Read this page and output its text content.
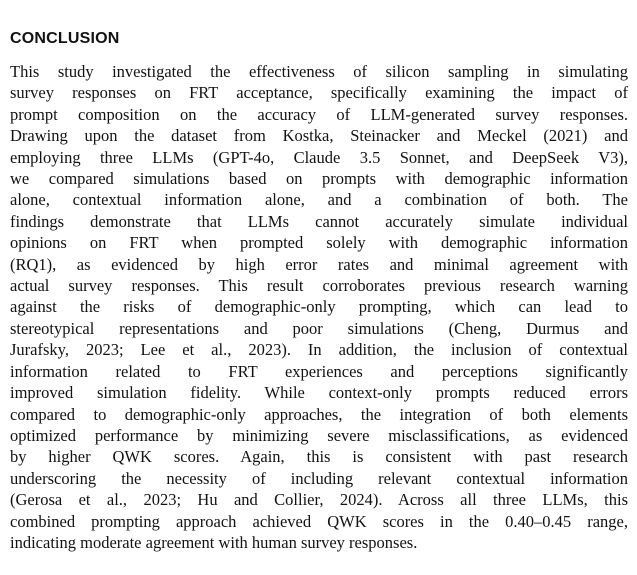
CONCLUSION
This study investigated the effectiveness of silicon sampling in simulating
survey responses on FRT acceptance, specifically examining the impact of
prompt composition on the accuracy of LLM-generated survey responses.
Drawing upon the dataset from Kostka, Steinacker and Meckel (2021) and
employing three LLMs (GPT-4o, Claude 3.5 Sonnet, and DeepSeek V3),
we compared simulations based on prompts with demographic information
alone, contextual information alone, and a combination of both. The
findings demonstrate that LLMs cannot accurately simulate individual
opinions on FRT when prompted solely with demographic information
(RQ1), as evidenced by high error rates and minimal agreement with
actual survey responses. This result corroborates previous research warning
against the risks of demographic-only prompting, which can lead to
stereotypical representations and poor simulations (Cheng, Durmus and
Jurafsky, 2023; Lee et al., 2023). In addition, the inclusion of contextual
information related to FRT experiences and perceptions significantly
improved simulation fidelity. While context-only prompts reduced errors
compared to demographic-only approaches, the integration of both elements
optimized performance by minimizing severe misclassifications, as evidenced
by higher QWK scores. Again, this is consistent with past research
underscoring the necessity of including relevant contextual information
(Gerosa et al., 2023; Hu and Collier, 2024). Across all three LLMs, this
combined prompting approach achieved QWK scores in the 0.40–0.45 range,
indicating moderate agreement with human survey responses.
